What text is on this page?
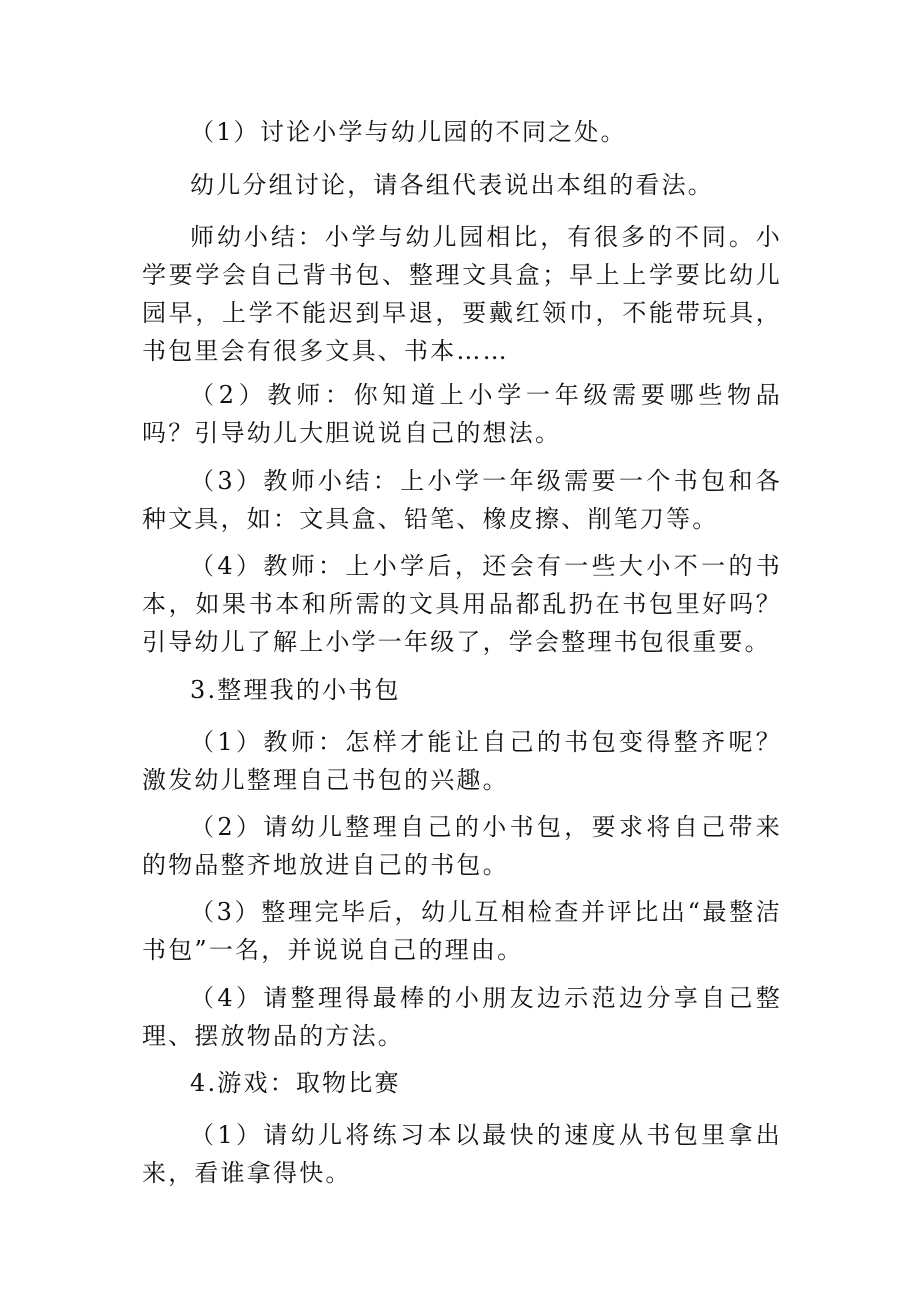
（1）讨论小学与幼儿园的不同之处。

幼儿分组讨论，请各组代表说出本组的看法。

师幼小结：小学与幼儿园相比，有很多的不同。小学要学会自己背书包、整理文具盒；早上上学要比幼儿园早，上学不能迟到早退，要戴红领巾，不能带玩具，书包里会有很多文具、书本……

（2）教师：你知道上小学一年级需要哪些物品吗？引导幼儿大胆说说自己的想法。

（3）教师小结：上小学一年级需要一个书包和各种文具，如：文具盒、铅笔、橡皮擦、削笔刀等。

（4）教师：上小学后，还会有一些大小不一的书本，如果书本和所需的文具用品都乱扔在书包里好吗？引导幼儿了解上小学一年级了，学会整理书包很重要。

3.整理我的小书包

（1）教师：怎样才能让自己的书包变得整齐呢？激发幼儿整理自己书包的兴趣。

（2）请幼儿整理自己的小书包，要求将自己带来的物品整齐地放进自己的书包。

（3）整理完毕后，幼儿互相检查并评比出“最整洁书包”一名，并说说自己的理由。

（4）请整理得最棒的小朋友边示范边分享自己整理、摆放物品的方法。

4.游戏：取物比赛

（1）请幼儿将练习本以最快的速度从书包里拿出来，看谁拿得快。
